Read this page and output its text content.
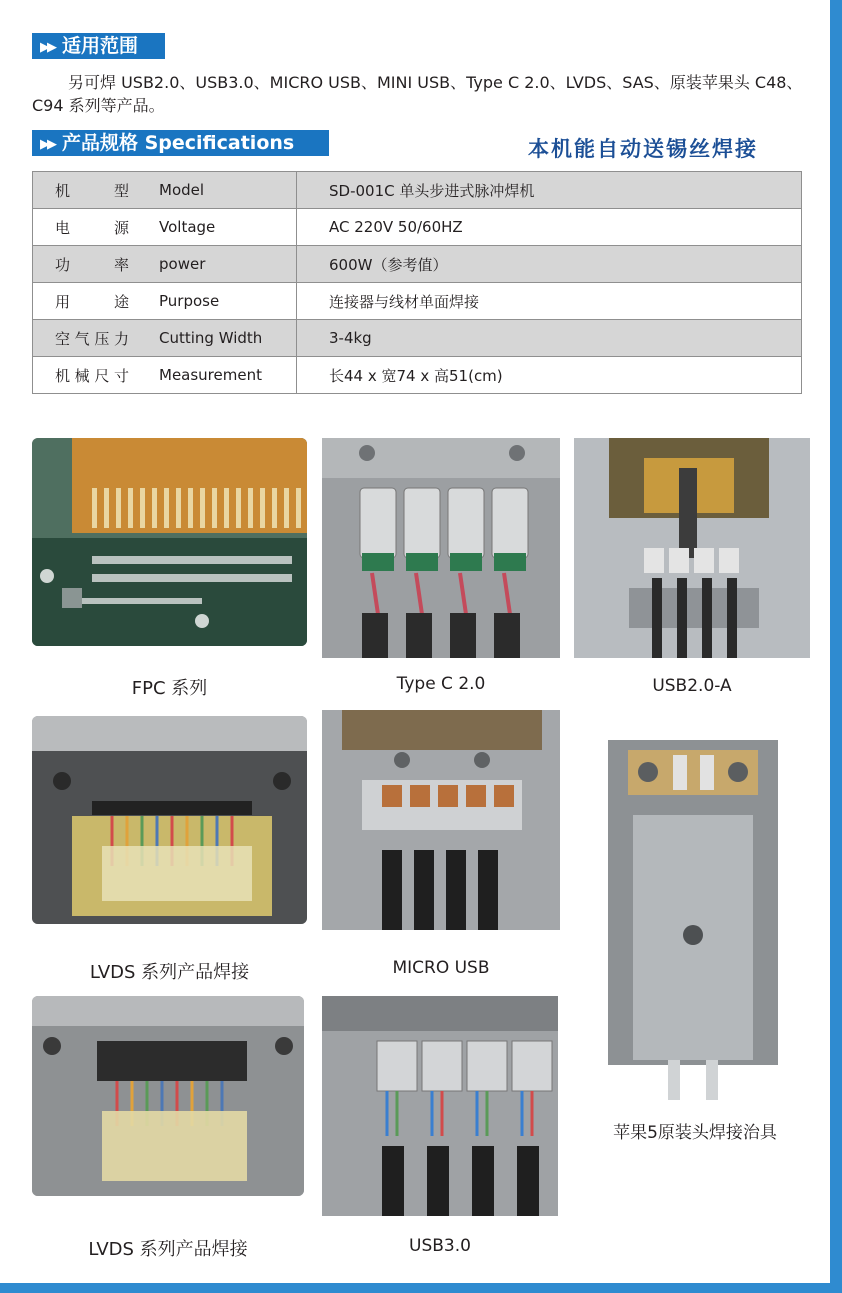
▶▶ 适用范围
另可焊 USB2.0、USB3.0、MICRO USB、MINI USB、Type C 2.0、LVDS、SAS、原装苹果头 C48、C94 系列等产品。
▶▶ 产品规格 Specifications	本机能自动送锡丝焊接
机型 Model	SD-001C 单头步进式脉冲焊机
电源 Voltage	AC 220V 50/60HZ
功率 power	600W（参考值）
用途 Purpose	连接器与线材单面焊接
空气压力 Cutting Width	3-4kg
机械尺寸 Measurement	长44 x 宽74 x 高51(cm)
FPC 系列	Type C 2.0	USB2.0-A
LVDS 系列产品焊接	MICRO USB
苹果5原装头焊接治具
LVDS 系列产品焊接	USB3.0
